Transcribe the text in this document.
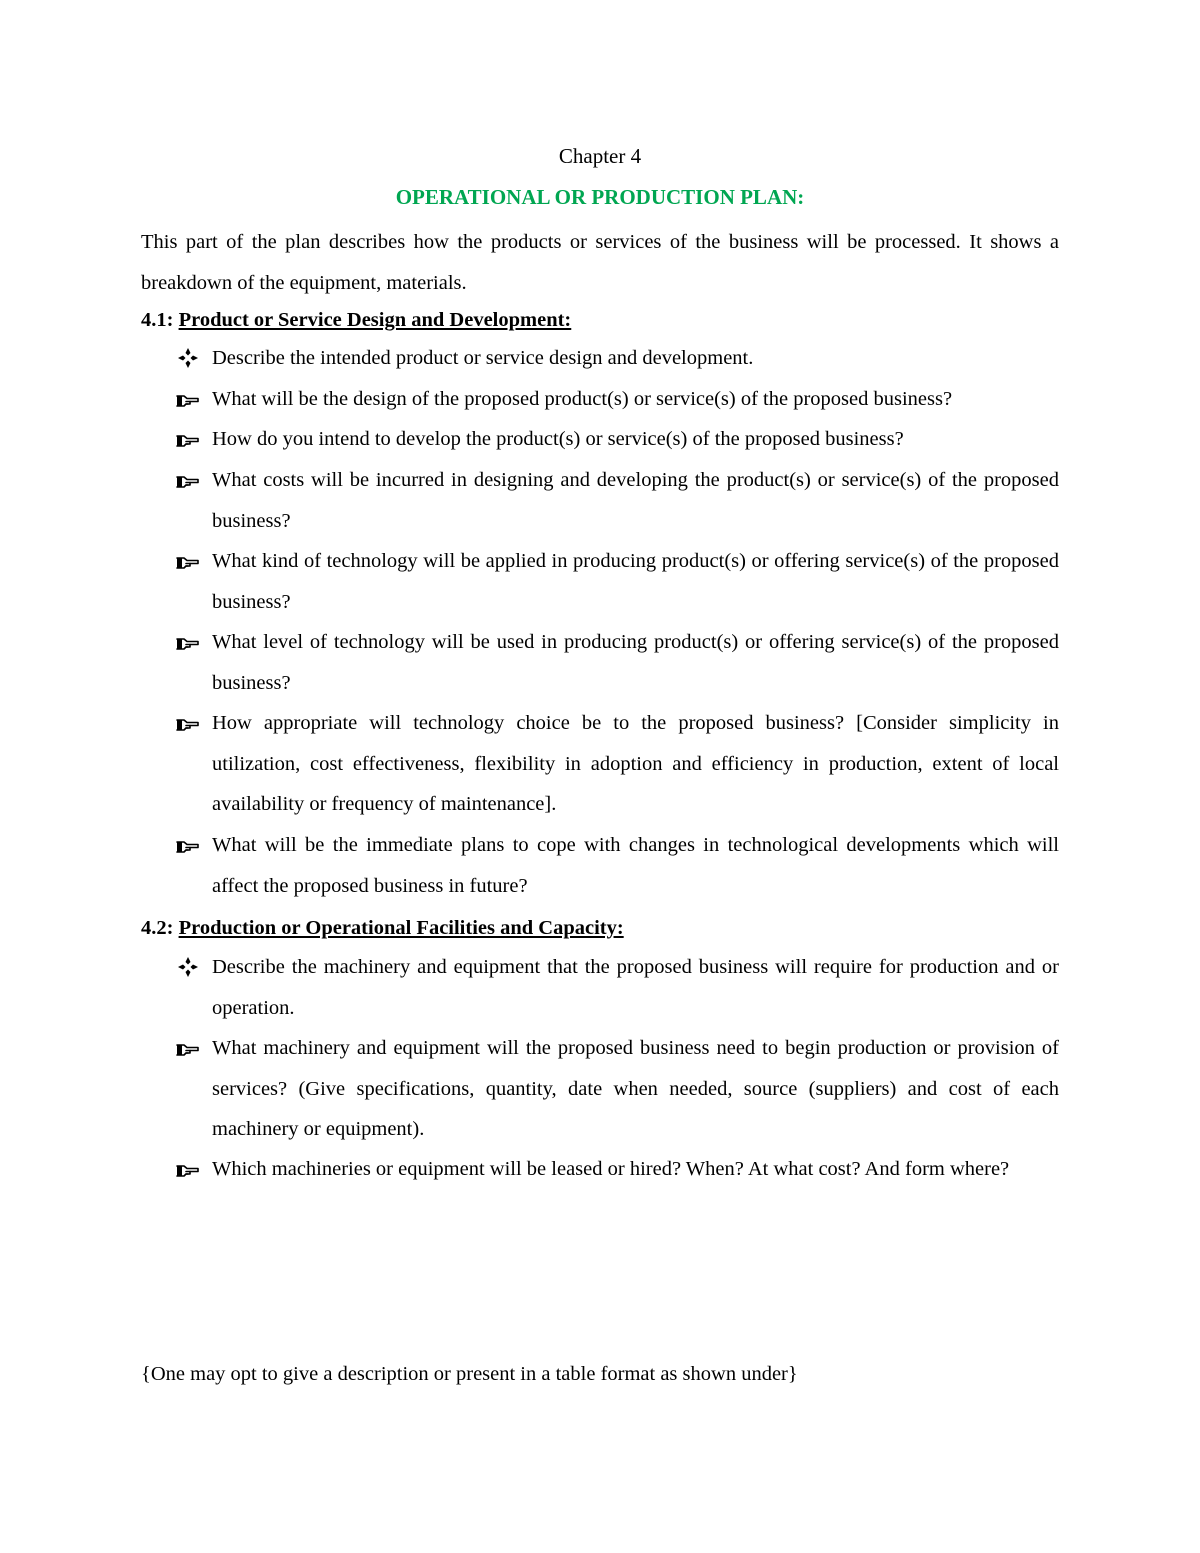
Chapter 4
OPERATIONAL OR PRODUCTION PLAN:
This part of the plan describes how the products or services of the business will be processed. It shows a breakdown of the equipment, materials.
4.1: Product or Service Design and Development:
Describe the intended product or service design and development.
What will be the design of the proposed product(s) or service(s) of the proposed business?
How do you intend to develop the product(s) or service(s) of the proposed business?
What costs will be incurred in designing and developing the product(s) or service(s) of the proposed business?
What kind of technology will be applied in producing product(s) or offering service(s) of the proposed business?
What level of technology will be used in producing product(s) or offering service(s) of the proposed business?
How appropriate will technology choice be to the proposed business? [Consider simplicity in utilization, cost effectiveness, flexibility in adoption and efficiency in production, extent of local availability or frequency of maintenance].
What will be the immediate plans to cope with changes in technological developments which will affect the proposed business in future?
4.2: Production or Operational Facilities and Capacity:
Describe the machinery and equipment that the proposed business will require for production and or operation.
What machinery and equipment will the proposed business need to begin production or provision of services? (Give specifications, quantity, date when needed, source (suppliers) and cost of each machinery or equipment).
Which machineries or equipment will be leased or hired? When? At what cost? And form where?
{One may opt to give a description or present in a table format as shown under}
